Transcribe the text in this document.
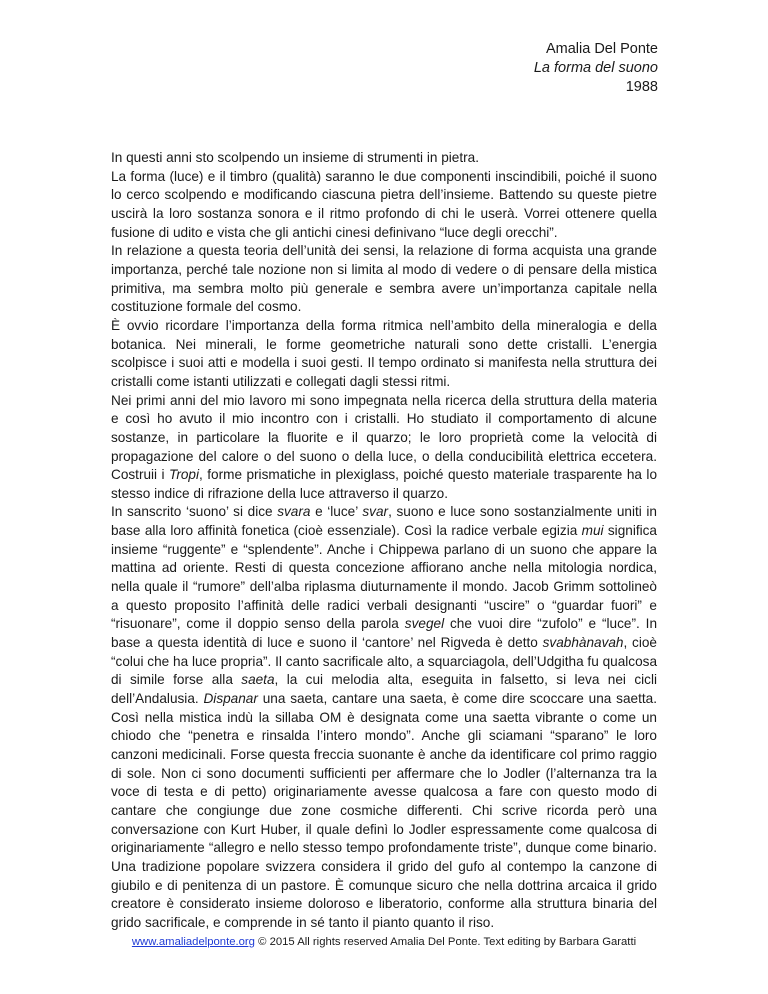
Amalia Del Ponte
La forma del suono
1988

In questi anni sto scolpendo un insieme di strumenti in pietra.

La forma (luce) e il timbro (qualità) saranno le due componenti inscindibili, poiché il suono lo cerco scolpendo e modificando ciascuna pietra dell’insieme. Battendo su queste pietre uscirà la loro sostanza sonora e il ritmo profondo di chi le userà. Vorrei ottenere quella fusione di udito e vista che gli antichi cinesi definivano “luce degli orecchi”.

In relazione a questa teoria dell’unità dei sensi, la relazione di forma acquista una grande importanza, perché tale nozione non si limita al modo di vedere o di pensare della mistica primitiva, ma sembra molto più generale e sembra avere un’importanza capitale nella costituzione formale del cosmo.

È ovvio ricordare l’importanza della forma ritmica nell’ambito della mineralogia e della botanica. Nei minerali, le forme geometriche naturali sono dette cristalli. L’energia scolpisce i suoi atti e modella i suoi gesti. Il tempo ordinato si manifesta nella struttura dei cristalli come istanti utilizzati e collegati dagli stessi ritmi.

Nei primi anni del mio lavoro mi sono impegnata nella ricerca della struttura della materia e così ho avuto il mio incontro con i cristalli. Ho studiato il comportamento di alcune sostanze, in particolare la fluorite e il quarzo; le loro proprietà come la velocità di propagazione del calore o del suono o della luce, o della conducibilità elettrica eccetera. Costruii i Tropi, forme prismatiche in plexiglass, poiché questo materiale trasparente ha lo stesso indice di rifrazione della luce attraverso il quarzo.

In sanscrito ‘suono’ si dice svara e ‘luce’ svar, suono e luce sono sostanzialmente uniti in base alla loro affinità fonetica (cioè essenziale). Così la radice verbale egizia mui significa insieme “ruggente” e “splendente”. Anche i Chippewa parlano di un suono che appare la mattina ad oriente. Resti di questa concezione affiorano anche nella mitologia nordica, nella quale il “rumore” dell’alba riplasma diuturnamente il mondo. Jacob Grimm sottolineò a questo proposito l’affinità delle radici verbali designanti “uscire” o “guardar fuori” e “risuonare”, come il doppio senso della parola svegel che vuoi dire “zufolo” e “luce”. In base a questa identità di luce e suono il ‘cantore’ nel Rigveda è detto svabhànavah, cioè “colui che ha luce propria”. Il canto sacrificale alto, a squarciagola, dell’Udgitha fu qualcosa di simile forse alla saeta, la cui melodia alta, eseguita in falsetto, si leva nei cicli dell’Andalusia. Dispanar una saeta, cantare una saeta, è come dire scoccare una saetta. Così nella mistica indù la sillaba OM è designata come una saetta vibrante o come un chiodo che “penetra e rinsalda l’intero mondo”. Anche gli sciamani “sparano” le loro canzoni medicinali. Forse questa freccia suonante è anche da identificare col primo raggio di sole. Non ci sono documenti sufficienti per affermare che lo Jodler (l’alternanza tra la voce di testa e di petto) originariamente avesse qualcosa a fare con questo modo di cantare che congiunge due zone cosmiche differenti. Chi scrive ricorda però una conversazione con Kurt Huber, il quale definì lo Jodler espressamente come qualcosa di originariamente “allegro e nello stesso tempo profondamente triste”, dunque come binario. Una tradizione popolare svizzera considera il grido del gufo al contempo la canzone di giubilo e di penitenza di un pastore. È comunque sicuro che nella dottrina arcaica il grido creatore è considerato insieme doloroso e liberatorio, conforme alla struttura binaria del grido sacrificale, e comprende in sé tanto il pianto quanto il riso.

www.amaliadelponte.org © 2015 All rights reserved Amalia Del Ponte. Text editing by Barbara Garatti
